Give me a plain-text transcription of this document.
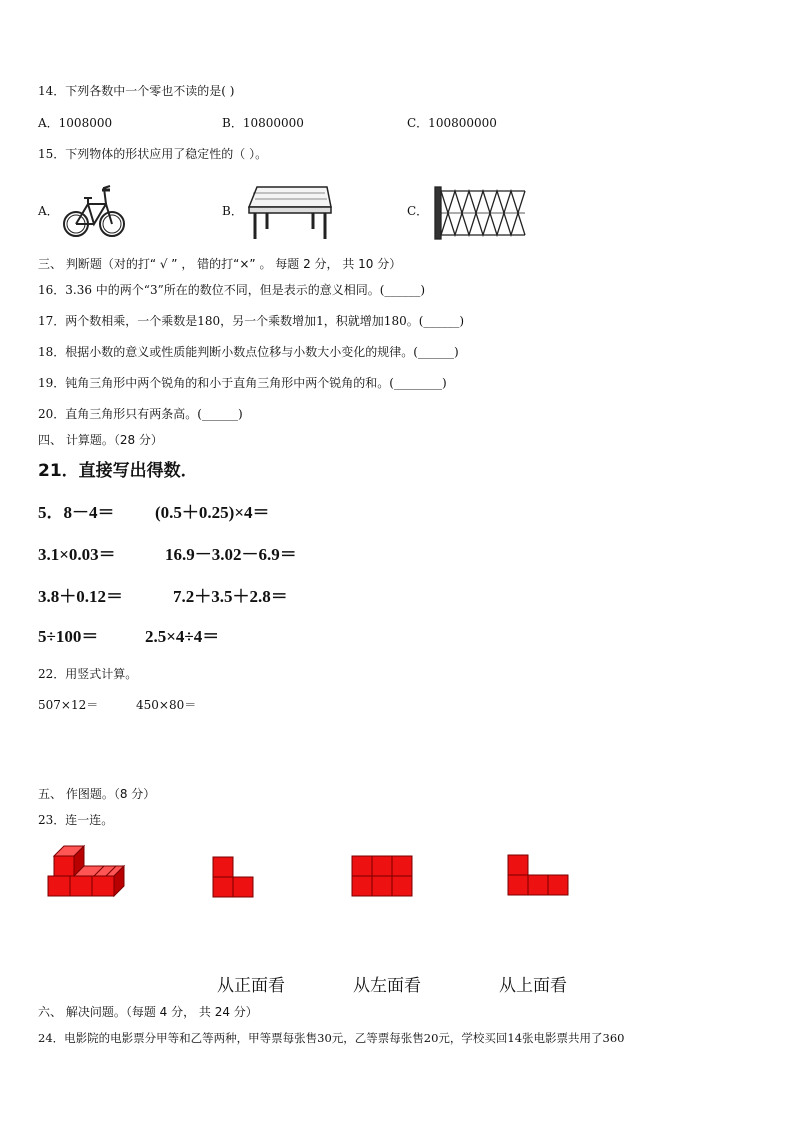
14．下列各数中一个零也不读的是( )
A．1008000	B．10800000	C．100800000
15．下列物体的形状应用了稳定性的（ ）。
A．	B．	C．
三、 判断题（对的打“ √ ” ， 错的打“×” 。 每题 2 分， 共 10 分）
16．3.36 中的两个“3”所在的数位不同，但是表示的意义相同。(______)
17．两个数相乘，一个乘数是180，另一个乘数增加1，积就增加180。(______)
18．根据小数的意义或性质能判断小数点位移与小数大小变化的规律。(______)
19．钝角三角形中两个锐角的和小于直角三角形中两个锐角的和。(________)
20．直角三角形只有两条高。(______)
四、 计算题。（28 分）
21．直接写出得数．
5．8－4＝ (0.5＋0.25)×4＝
3.1×0.03＝	16.9－3.02－6.9＝
3.8＋0.12＝	7.2＋3.5＋2.8＝
5÷100＝	2.5×4÷4＝
22．用竖式计算。
507×12＝	450×80＝
五、 作图题。（8 分）
23．连一连。
从正面看	从左面看	从上面看
六、 解决问题。（每题 4 分， 共 24 分）
24．电影院的电影票分甲等和乙等两种，甲等票每张售30元，乙等票每张售20元，学校买回14张电影票共用了360
